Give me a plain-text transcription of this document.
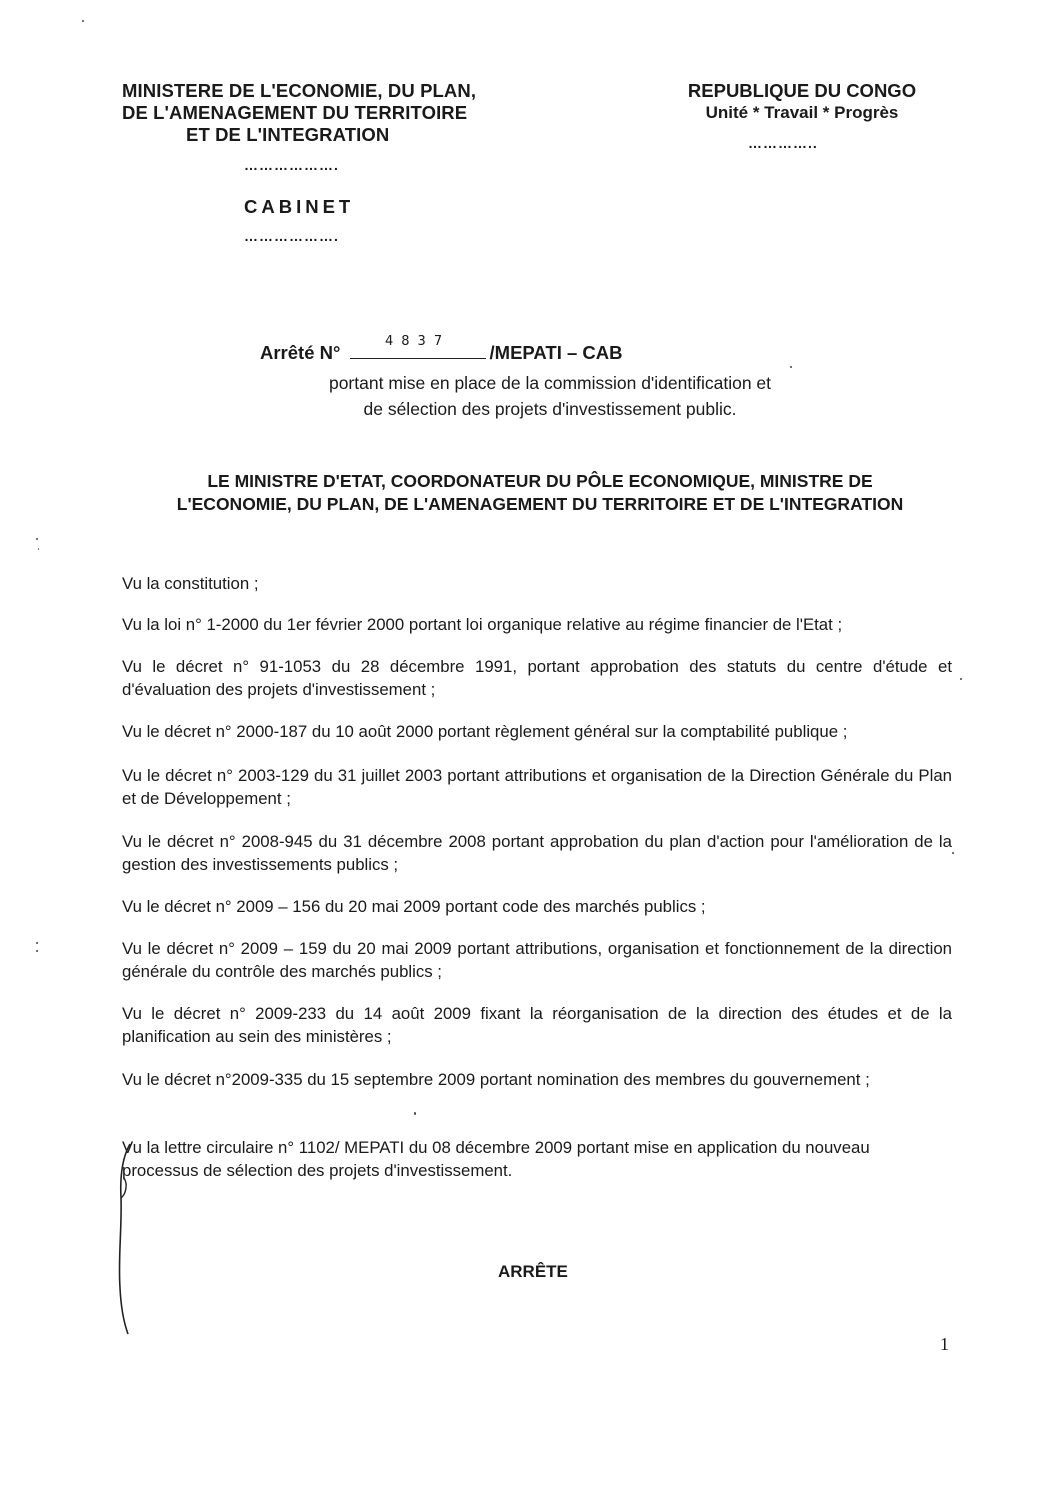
MINISTERE DE L'ECONOMIE, DU PLAN,
DE L'AMENAGEMENT DU TERRITOIRE
ET DE L'INTEGRATION
……………….
CABINET
……………….
REPUBLIQUE DU CONGO
Unité * Travail * Progrès
…………..
Arrêté N°
4837
/MEPATI – CAB
portant mise en place de la commission d'identification et
de sélection des projets d'investissement public.
LE MINISTRE D'ETAT, COORDONATEUR DU PÔLE ECONOMIQUE, MINISTRE DE
L'ECONOMIE, DU PLAN, DE L'AMENAGEMENT DU TERRITOIRE ET DE L'INTEGRATION
Vu la constitution ;
Vu la loi n° 1-2000 du 1er février 2000 portant loi organique relative au régime financier de l'Etat ;
Vu le décret n° 91-1053 du 28 décembre 1991, portant approbation des statuts du centre d'étude et d'évaluation des projets d'investissement ;
Vu le décret n° 2000-187 du 10 août 2000 portant règlement général sur la comptabilité publique ;
Vu le décret n° 2003-129 du 31 juillet 2003 portant attributions et organisation de la Direction Générale du Plan et de Développement ;
Vu le décret n° 2008-945 du 31 décembre 2008 portant approbation du plan d'action pour l'amélioration de la gestion des investissements publics ;
Vu le décret n° 2009 – 156 du 20 mai 2009 portant code des marchés publics ;
Vu le décret n° 2009 – 159 du 20 mai 2009 portant attributions, organisation et fonctionnement de la direction générale du contrôle des marchés publics ;
Vu le décret n° 2009-233 du 14 août 2009 fixant la réorganisation de la direction des études et de la planification au sein des ministères ;
Vu le décret n°2009-335 du 15 septembre 2009 portant nomination des membres du gouvernement ;
Vu la lettre circulaire n° 1102/ MEPATI du 08 décembre 2009 portant mise en application du nouveau processus de sélection des projets d'investissement.
ARRÊTE
1
